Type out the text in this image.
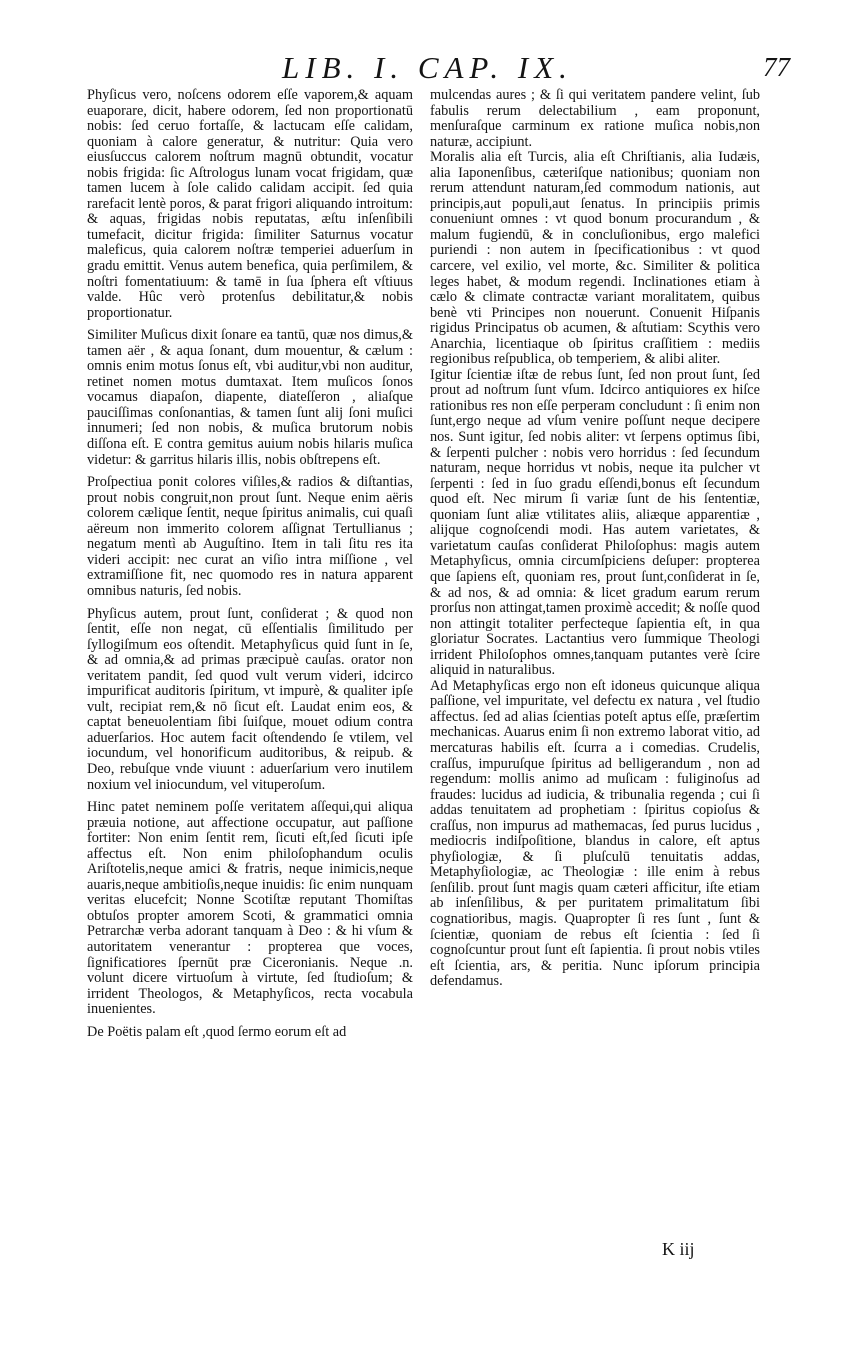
LIB. I. CAP. IX.	77

Phyſicus vero, noſcens odorem eſſe vaporem,& aquam euaporare, dicit, habere odorem, ſed non proportionatū nobis: ſed ceruo fortaſſe, & lactucam eſſe calidam, quoniam à calore generatur, & nutritur: Quia vero eiusſuccus calorem noſtrum magnū obtundit, vocatur nobis frigida: ſic Aſtrologus lunam vocat frigidam, quæ tamen lucem à ſole calido calidam accipit. ſed quia rarefacit lentè poros, & parat frigori aliquando introitum: & aquas, frigidas nobis reputatas, æſtu inſenſibili tumefacit, dicitur frigida: ſimiliter Saturnus vocatur maleficus, quia calorem noſtræ temperiei aduerſum in gradu emittit. Venus autem benefica, quia perſimilem, & noſtri fomentatiuum: & tamē in ſua ſphera eſt vſtiuus valde. Hûc verò protenſus debilitatur,& nobis proportionatur.

Similiter Muſicus dixit ſonare ea tantū, quæ nos dimus,& tamen aër , & aqua ſonant, dum mouentur, & cælum : omnis enim motus ſonus eſt, vbi auditur,vbi non auditur, retinet nomen motus dumtaxat. Item muſicos ſonos vocamus diapaſon, diapente, diateſſeron , aliaſque pauciſſimas conſonantias, & tamen ſunt alij ſoni muſici innumeri; ſed non nobis, & muſica brutorum nobis diſſona eſt. E contra gemitus auium nobis hilaris muſica videtur: & garritus hilaris illis, nobis obſtrepens eſt.

Proſpectiua ponit colores viſiles,& radios & diſtantias, prout nobis congruit,non prout ſunt. Neque enim aëris colorem cælique ſentit, neque ſpiritus animalis, cui quaſi aëreum non immerito colorem aſſignat Tertullianus ; negatum mentì ab Auguſtino. Item in tali ſitu res ita videri accipit: nec curat an viſio intra miſſione , vel extramiſſione fit, nec quomodo res in natura apparent omnibus naturis, ſed nobis.

Phyſicus autem, prout ſunt, conſiderat ; & quod non ſentit, eſſe non negat, cū eſſentialis ſimilitudo per ſyllogiſmum eos oſtendit. Metaphyſicus quid ſunt in ſe, & ad omnia,& ad primas præcipuè cauſas. orator non veritatem pandit, ſed quod vult verum videri, idcirco impurificat auditoris ſpiritum, vt impurè, & qualiter ipſe vult, recipiat rem,& nō ſicut eſt. Laudat enim eos, & captat beneuolentiam ſibi ſuiſque, mouet odium contra aduerſarios. Hoc autem facit oſtendendo ſe vtilem, vel iocundum, vel honorificum auditoribus, & reipub. & Deo, rebuſque vnde viuunt : aduerſarium vero inutilem noxium vel iniocundum, vel vituperoſum.

Hinc patet neminem poſſe veritatem aſſequi,qui aliqua præuia notione, aut affectione occupatur, aut paſſione fortiter: Non enim ſentit rem, ſicuti eſt,ſed ſicuti ipſe affectus eſt. Non enim philoſophandum oculis Ariſtotelis,neque amici & fratris, neque inimicis,neque auaris,neque ambitioſis,neque inuidis: ſic enim nunquam veritas elucefcit; Nonne Scotiſtæ reputant Thomiſtas obtuſos propter amorem Scoti, & grammatici omnia Petrarchæ verba adorant tanquam à Deo : & hi vſum & autoritatem venerantur : propterea que voces, ſignificatiores ſpernūt præ Ciceronianis. Neque .n. volunt dicere virtuoſum à virtute, ſed ſtudioſum; & irrident Theologos, & Metaphyſicos, recta vocabula inuenientes.

De Poëtis palam eſt ,quod ſermo eorum eſt ad

mulcendas aures ; & ſi qui veritatem pandere velint, ſub fabulis rerum delectabilium , eam proponunt, menſuraſque carminum ex ratione muſica nobis,non naturæ, accipiunt.

Moralis alia eſt Turcis, alia eſt Chriſtianis, alia Iudæis, alia Iaponenſibus, cæteriſque nationibus; quoniam non rerum attendunt naturam,ſed commodum nationis, aut principis,aut populi,aut ſenatus. In principiis primis conueniunt omnes : vt quod bonum procurandum , & malum fugiendū, & in concluſionibus, ergo malefici puriendi : non autem in ſpecificationibus : vt quod carcere, vel exilio, vel morte, &c. Similiter & politica leges habet, & modum regendi. Inclinationes etiam à cælo & climate contractæ variant moralitatem, quibus benè vti Principes non nouerunt. Conuenit Hiſpanis rigidus Principatus ob acumen, & aſtutiam: Scythis vero Anarchia, licentiaque ob ſpiritus craſſitiem : mediis regionibus reſpublica, ob temperiem, & alibi aliter.

Igitur ſcientiæ iſtæ de rebus ſunt, ſed non prout ſunt, ſed prout ad noſtrum ſunt vſum. Idcirco antiquiores ex hiſce rationibus res non eſſe perperam concludunt : ſi enim non ſunt,ergo neque ad vſum venire poſſunt neque decipere nos. Sunt igitur, ſed nobis aliter: vt ſerpens optimus ſibi, & ſerpenti pulcher : nobis vero horridus : ſed ſecundum naturam, neque horridus vt nobis, neque ita pulcher vt ſerpenti : ſed in ſuo gradu eſſendi,bonus eſt ſecundum quod eſt. Nec mirum ſi variæ ſunt de his ſententiæ, quoniam ſunt aliæ vtilitates aliis, aliæque apparentiæ , alijque cognoſcendi modi. Has autem varietates, & varietatum cauſas conſiderat Philoſophus: magis autem Metaphyſicus, omnia circumſpiciens deſuper: propterea que ſapiens eſt, quoniam res, prout ſunt,conſiderat in ſe, & ad nos, & ad omnia: & licet gradum earum rerum prorſus non attingat,tamen proximè accedit; & noſſe quod non attingit totaliter perfecteque ſapientia eſt, in qua gloriatur Socrates. Lactantius vero ſummique Theologi irrident Philoſophos omnes,tanquam putantes verè ſcire aliquid in naturalibus.

Ad Metaphyſicas ergo non eſt idoneus quicunque aliqua paſſione, vel impuritate, vel defectu ex natura , vel ſtudio affectus. ſed ad alias ſcientias poteſt aptus eſſe, præſertim mechanicas. Auarus enim ſi non extremo laborat vitio, ad mercaturas habilis eſt. ſcurra a i comedias. Crudelis, craſſus, impuruſque ſpiritus ad belligerandum , non ad regendum: mollis animo ad muſicam : fuliginoſus ad fraudes: lucidus ad iudicia, & tribunalia regenda ; cui ſi addas tenuitatem ad prophetiam : ſpiritus copioſus & craſſus, non impurus ad mathemacas, ſed purus lucidus , mediocris indiſpoſitione, blandus in calore, eſt aptus phyſiologiæ, & ſi pluſculū tenuitatis addas, Metaphyſiologiæ, ac Theologiæ : ille enim à rebus ſenſilib. prout ſunt magis quam cæteri afficitur, iſte etiam ab inſenſilibus, & per puritatem primalitatum ſibi cognatioribus, magis. Quapropter ſi res ſunt , ſunt & ſcientiæ, quoniam de rebus eſt ſcientia : ſed ſi cognoſcuntur prout ſunt eſt ſapientia. ſi prout nobis vtiles eſt ſcientia, ars, & peritia. Nunc ipſorum principia defendamus.

K iij
